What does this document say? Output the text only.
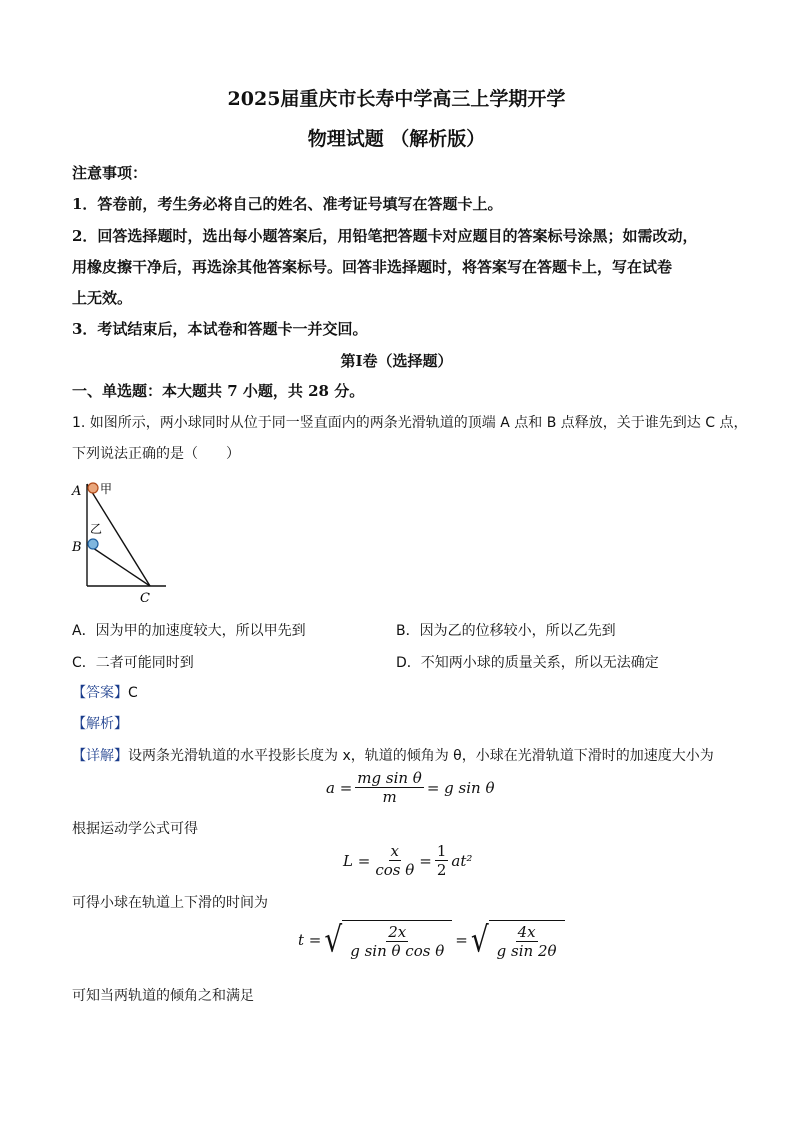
2025届重庆市长寿中学高三上学期开学
物理试题 （解析版）
注意事项：
1．答卷前，考生务必将自己的姓名、准考证号填写在答题卡上。
2．回答选择题时，选出每小题答案后，用铅笔把答题卡对应题目的答案标号涂黑；如需改动，
用橡皮擦干净后，再选涂其他答案标号。回答非选择题时，将答案写在答题卡上，写在试卷
上无效。
3．考试结束后，本试卷和答题卡一并交回。
第Ⅰ卷（选择题）
一、单选题：本大题共 7 小题，共 28 分。
1. 如图所示，两小球同时从位于同一竖直面内的两条光滑轨道的顶端 A 点和 B 点释放，关于谁先到达 C 点，
下列说法正确的是（　　）
A
B
C
甲
乙
A．因为甲的加速度较大，所以甲先到	B．因为乙的位移较小，所以乙先到
C．二者可能同时到	D．不知两小球的质量关系，所以无法确定
【答案】C
【解析】
【详解】设两条光滑轨道的水平投影长度为 x，轨道的倾角为 θ，小球在光滑轨道下滑时的加速度大小为
$a = \frac{\text{mg sin θ}}{m} = g$ sin θ
根据运动学公式可得
$L = \frac{x}{\text{cos θ}} = \frac{1}{2} at^2$
可得小球在轨道上下滑的时间为
t = √ $\frac{2x}{\text{g sin θ cos θ}}$ = √ $\frac{4x}{\text{g sin 2θ}}$
可知当两轨道的倾角之和满足
